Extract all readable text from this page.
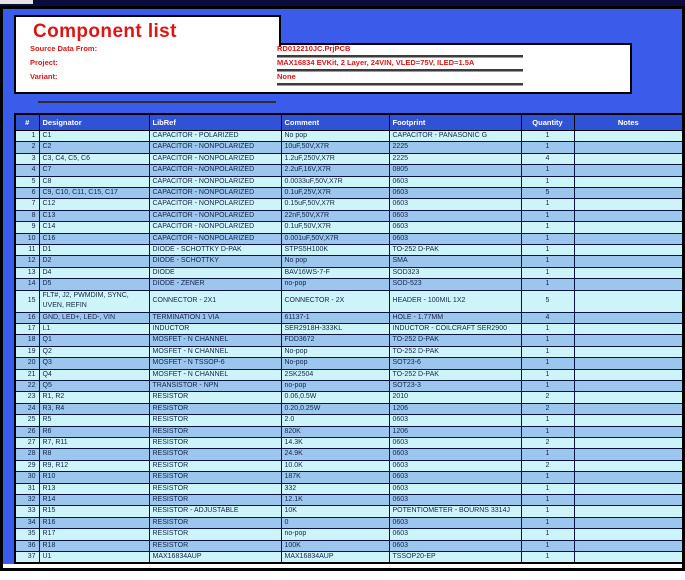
Component list
Source Data From:	RD012210JC.PrjPCB
Project:	MAX16834 EVKit, 2 Layer, 24VIN, VLED=75V, ILED=1.5A
Variant:	None
#	Designator	LibRef	Comment	Footprint	Quantity	Notes
1	C1	CAPACITOR - POLARIZED	No pop	CAPACITOR - PANASONIC G	1	
2	C2	CAPACITOR - NONPOLARIZED	10uF,50V,X7R	2225	1	
3	C3, C4, C5, C6	CAPACITOR - NONPOLARIZED	1.2uF,250V,X7R	2225	4	
4	C7	CAPACITOR - NONPOLARIZED	2.2uF,16V,X7R	0805	1	
5	C8	CAPACITOR - NONPOLARIZED	0.0033uF,50V,X7R	0603	1	
6	C9, C10, C11, C15, C17	CAPACITOR - NONPOLARIZED	0.1uF,25V,X7R	0603	5	
7	C12	CAPACITOR - NONPOLARIZED	0.15uF,50V,X7R	0603	1	
8	C13	CAPACITOR - NONPOLARIZED	22nF,50V,X7R	0603	1	
9	C14	CAPACITOR - NONPOLARIZED	0.1uF,50V,X7R	0603	1	
10	C16	CAPACITOR - NONPOLARIZED	0.001uF,50V,X7R	0603	1	
11	D1	DIODE - SCHOTTKY D-PAK	STPS5H100K	TO-252 D-PAK	1	
12	D2	DIODE - SCHOTTKY	No pop	SMA	1	
13	D4	DIODE	BAV16WS-7-F	SOD323	1	
14	D5	DIODE - ZENER	no-pop	SOD-523	1	
15	FLT#, J2, PWMDIM, SYNC, UVEN, REFIN	CONNECTOR - 2X1	CONNECTOR - 2X	HEADER - 100MIL 1X2	5	
16	GND, LED+, LED-, VIN	TERMINATION 1 VIA	61137-1	HOLE - 1.77MM	4	
17	L1	INDUCTOR	SER2918H-333KL	INDUCTOR - COILCRAFT SER2900	1	
18	Q1	MOSFET - N CHANNEL	FDD3672	TO-252 D-PAK	1	
19	Q2	MOSFET - N CHANNEL	No-pop	TO-252 D-PAK	1	
20	Q3	MOSFET - N TSSOP-6	No-pop	SOT23-6	1	
21	Q4	MOSFET - N CHANNEL	2SK2504	TO-252 D-PAK	1	
22	Q5	TRANSISTOR - NPN	no-pop	SOT23-3	1	
23	R1, R2	RESISTOR	0.06,0.5W	2010	2	
24	R3, R4	RESISTOR	0.20,0.25W	1206	2	
25	R5	RESISTOR	2.0	0603	1	
26	R6	RESISTOR	820K	1206	1	
27	R7, R11	RESISTOR	14.3K	0603	2	
28	R8	RESISTOR	24.9K	0603	1	
29	R9, R12	RESISTOR	10.0K	0603	2	
30	R10	RESISTOR	187K	0603	1	
31	R13	RESISTOR	332	0603	1	
32	R14	RESISTOR	12.1K	0603	1	
33	R15	RESISTOR - ADJUSTABLE	10K	POTENTIOMETER - BOURNS 3314J	1	
34	R16	RESISTOR	0	0603	1	
35	R17	RESISTOR	no-pop	0603	1	
36	R18	RESISTOR	100K	0603	1	
37	U1	MAX16834AUP	MAX16834AUP	TSSOP20-EP	1	
